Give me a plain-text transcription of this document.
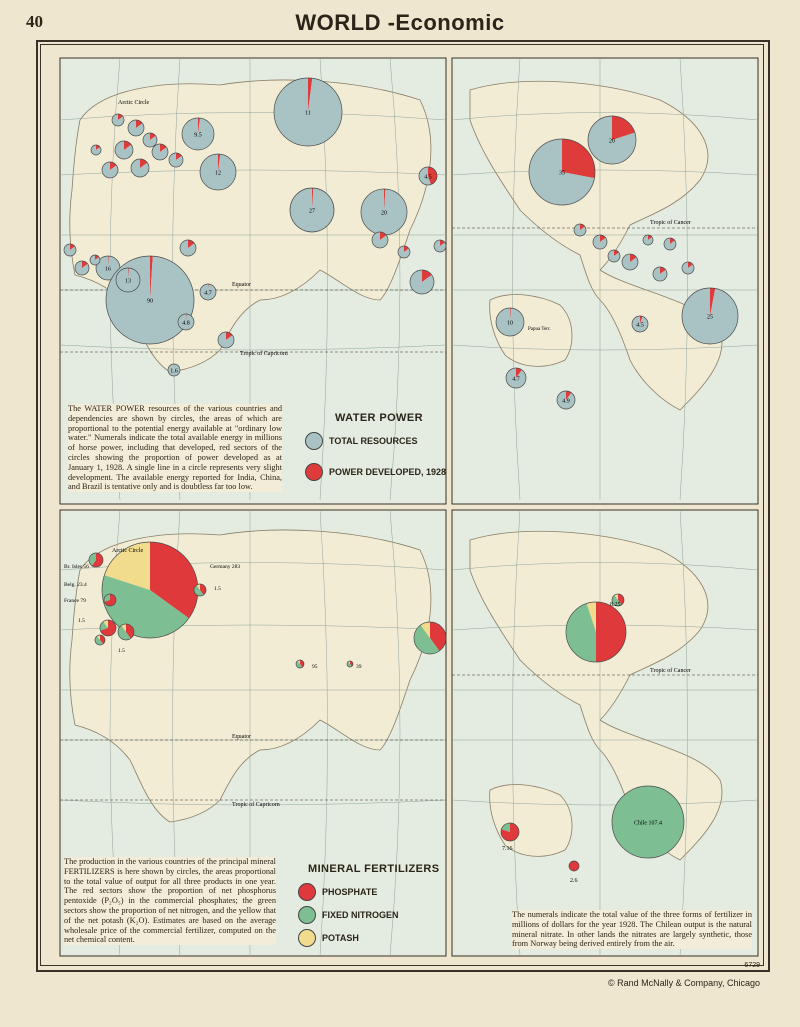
40	WORLD -Economic
11
9.5
12
27	20
4.5
16
90
13
4.7
4.8
35
20
25
10
4.7
4.9
4.5
1.6
Arctic Circle
Equator
Tropic of Capricorn
Tropic of Cancer
Papua Terr.
Chile 107.4
Arctic Circle
Br. Isles 56
Belg. 23.4
France 79
Germany 283
1.5
1.5
1.5
95	39
Tropic of Capricorn
Tropic of Cancer
Equator
7.16
2.6
8.25
WATER POWER
TOTAL RESOURCES
POWER DEVELOPED, 1928
The WATER POWER resources of the various countries and dependencies are shown by circles, the areas of which are proportional to the potential energy available at "ordinary low water." Numerals indicate the total available energy in millions of horse power, including that developed, red sectors of the circles showing the proportion of power developed as at January 1, 1928. A single line in a circle represents very slight development. The available energy reported for India, China, and Brazil is tentative only and is doubtless far too low.
MINERAL FERTILIZERS
PHOSPHATE
FIXED NITROGEN
POTASH
The production in the various countries of the principal mineral FERTILIZERS is here shown by circles, the areas proportional to the total value of output for all three products in one year. The red sectors show the proportion of net phosphorus pentoxide (P₂O₅) in the commercial phosphates; the green sectors show the proportion of net nitrogen, and the yellow that of the net potash (K₂O). Estimates are based on the average wholesale price of the commercial fertilizer, computed on the net chemical content.
The numerals indicate the total value of the three forms of fertilizer in millions of dollars for the year 1928. The Chilean output is the natural mineral nitrate. In other lands the nitrates are largely synthetic, those from Norway being derived entirely from the air.
6729
© Rand McNally & Company, Chicago
